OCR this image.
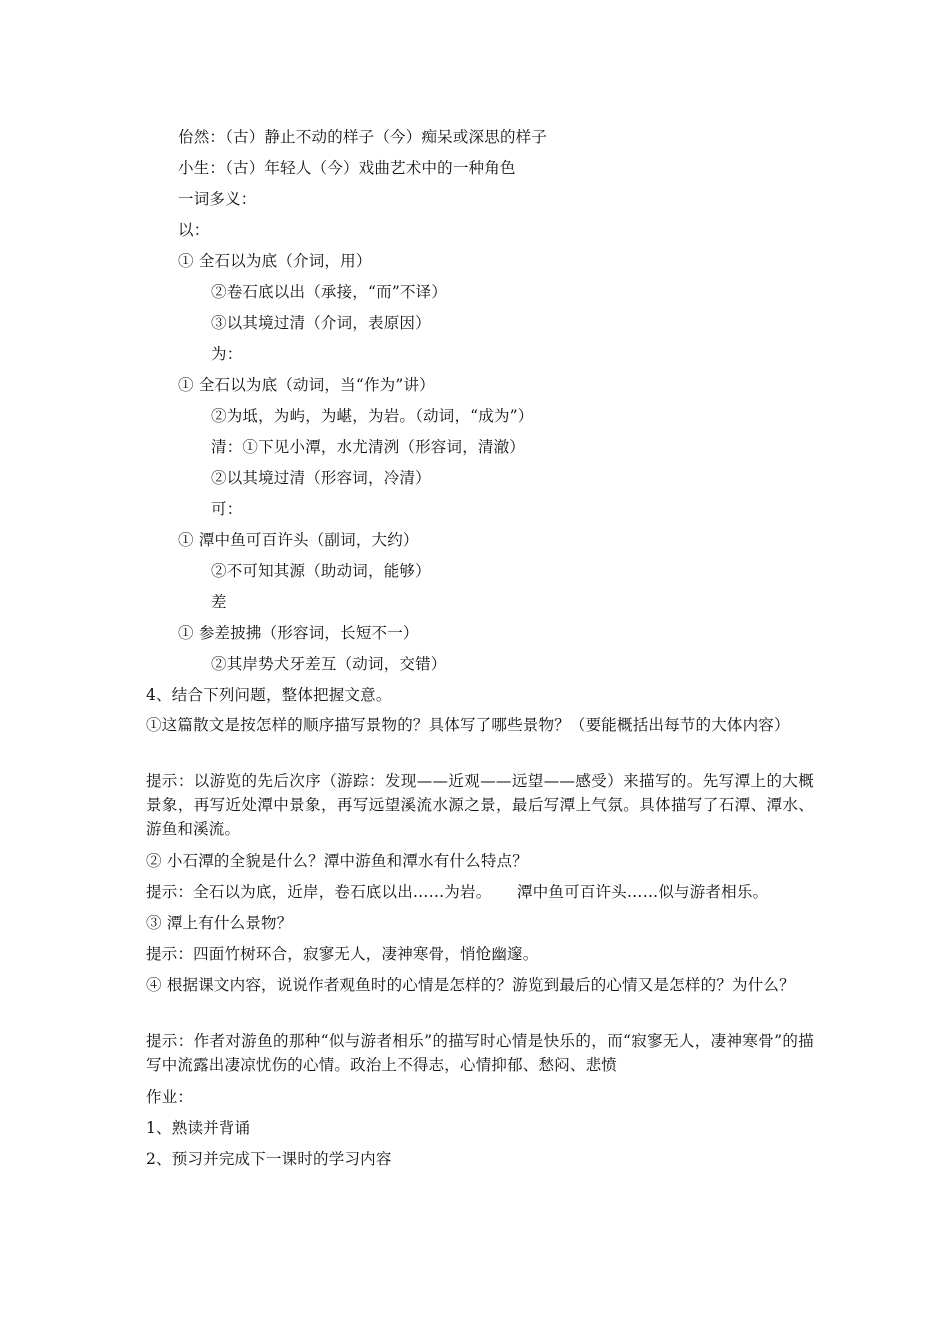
佁然：（古）静止不动的样子（今）痴呆或深思的样子
小生：（古）年轻人（今）戏曲艺术中的一种角色
一词多义：
以：
① 全石以为底（介词，用）
②卷石底以出（承接，“而”不译）
③以其境过清（介词，表原因）
为：
① 全石以为底（动词，当“作为”讲）
②为坻，为屿，为嵁，为岩。（动词，“成为”）
清：①下见小潭，水尤清洌（形容词，清澈）
②以其境过清（形容词，冷清）
可：
① 潭中鱼可百许头（副词，大约）
②不可知其源（助动词，能够）
差
① 参差披拂（形容词，长短不一）
②其岸势犬牙差互（动词，交错）
4、结合下列问题，整体把握文意。
①这篇散文是按怎样的顺序描写景物的？具体写了哪些景物？（要能概括出每节的大体内容）
提示：以游览的先后次序（游踪：发现——近观——远望——感受）来描写的。先写潭上的大概景象，再写近处潭中景象，再写远望溪流水源之景，最后写潭上气氛。具体描写了石潭、潭水、游鱼和溪流。
② 小石潭的全貌是什么？潭中游鱼和潭水有什么特点？
提示：全石以为底，近岸，卷石底以出……为岩。     潭中鱼可百许头……似与游者相乐。
③ 潭上有什么景物？
提示：四面竹树环合，寂寥无人，凄神寒骨，悄怆幽邃。
④ 根据课文内容，说说作者观鱼时的心情是怎样的？游览到最后的心情又是怎样的？为什么？
提示：作者对游鱼的那种“似与游者相乐”的描写时心情是快乐的，而“寂寥无人，凄神寒骨”的描写中流露出凄凉忧伤的心情。政治上不得志，心情抑郁、愁闷、悲愤
作业：
1、熟读并背诵
2、预习并完成下一课时的学习内容
